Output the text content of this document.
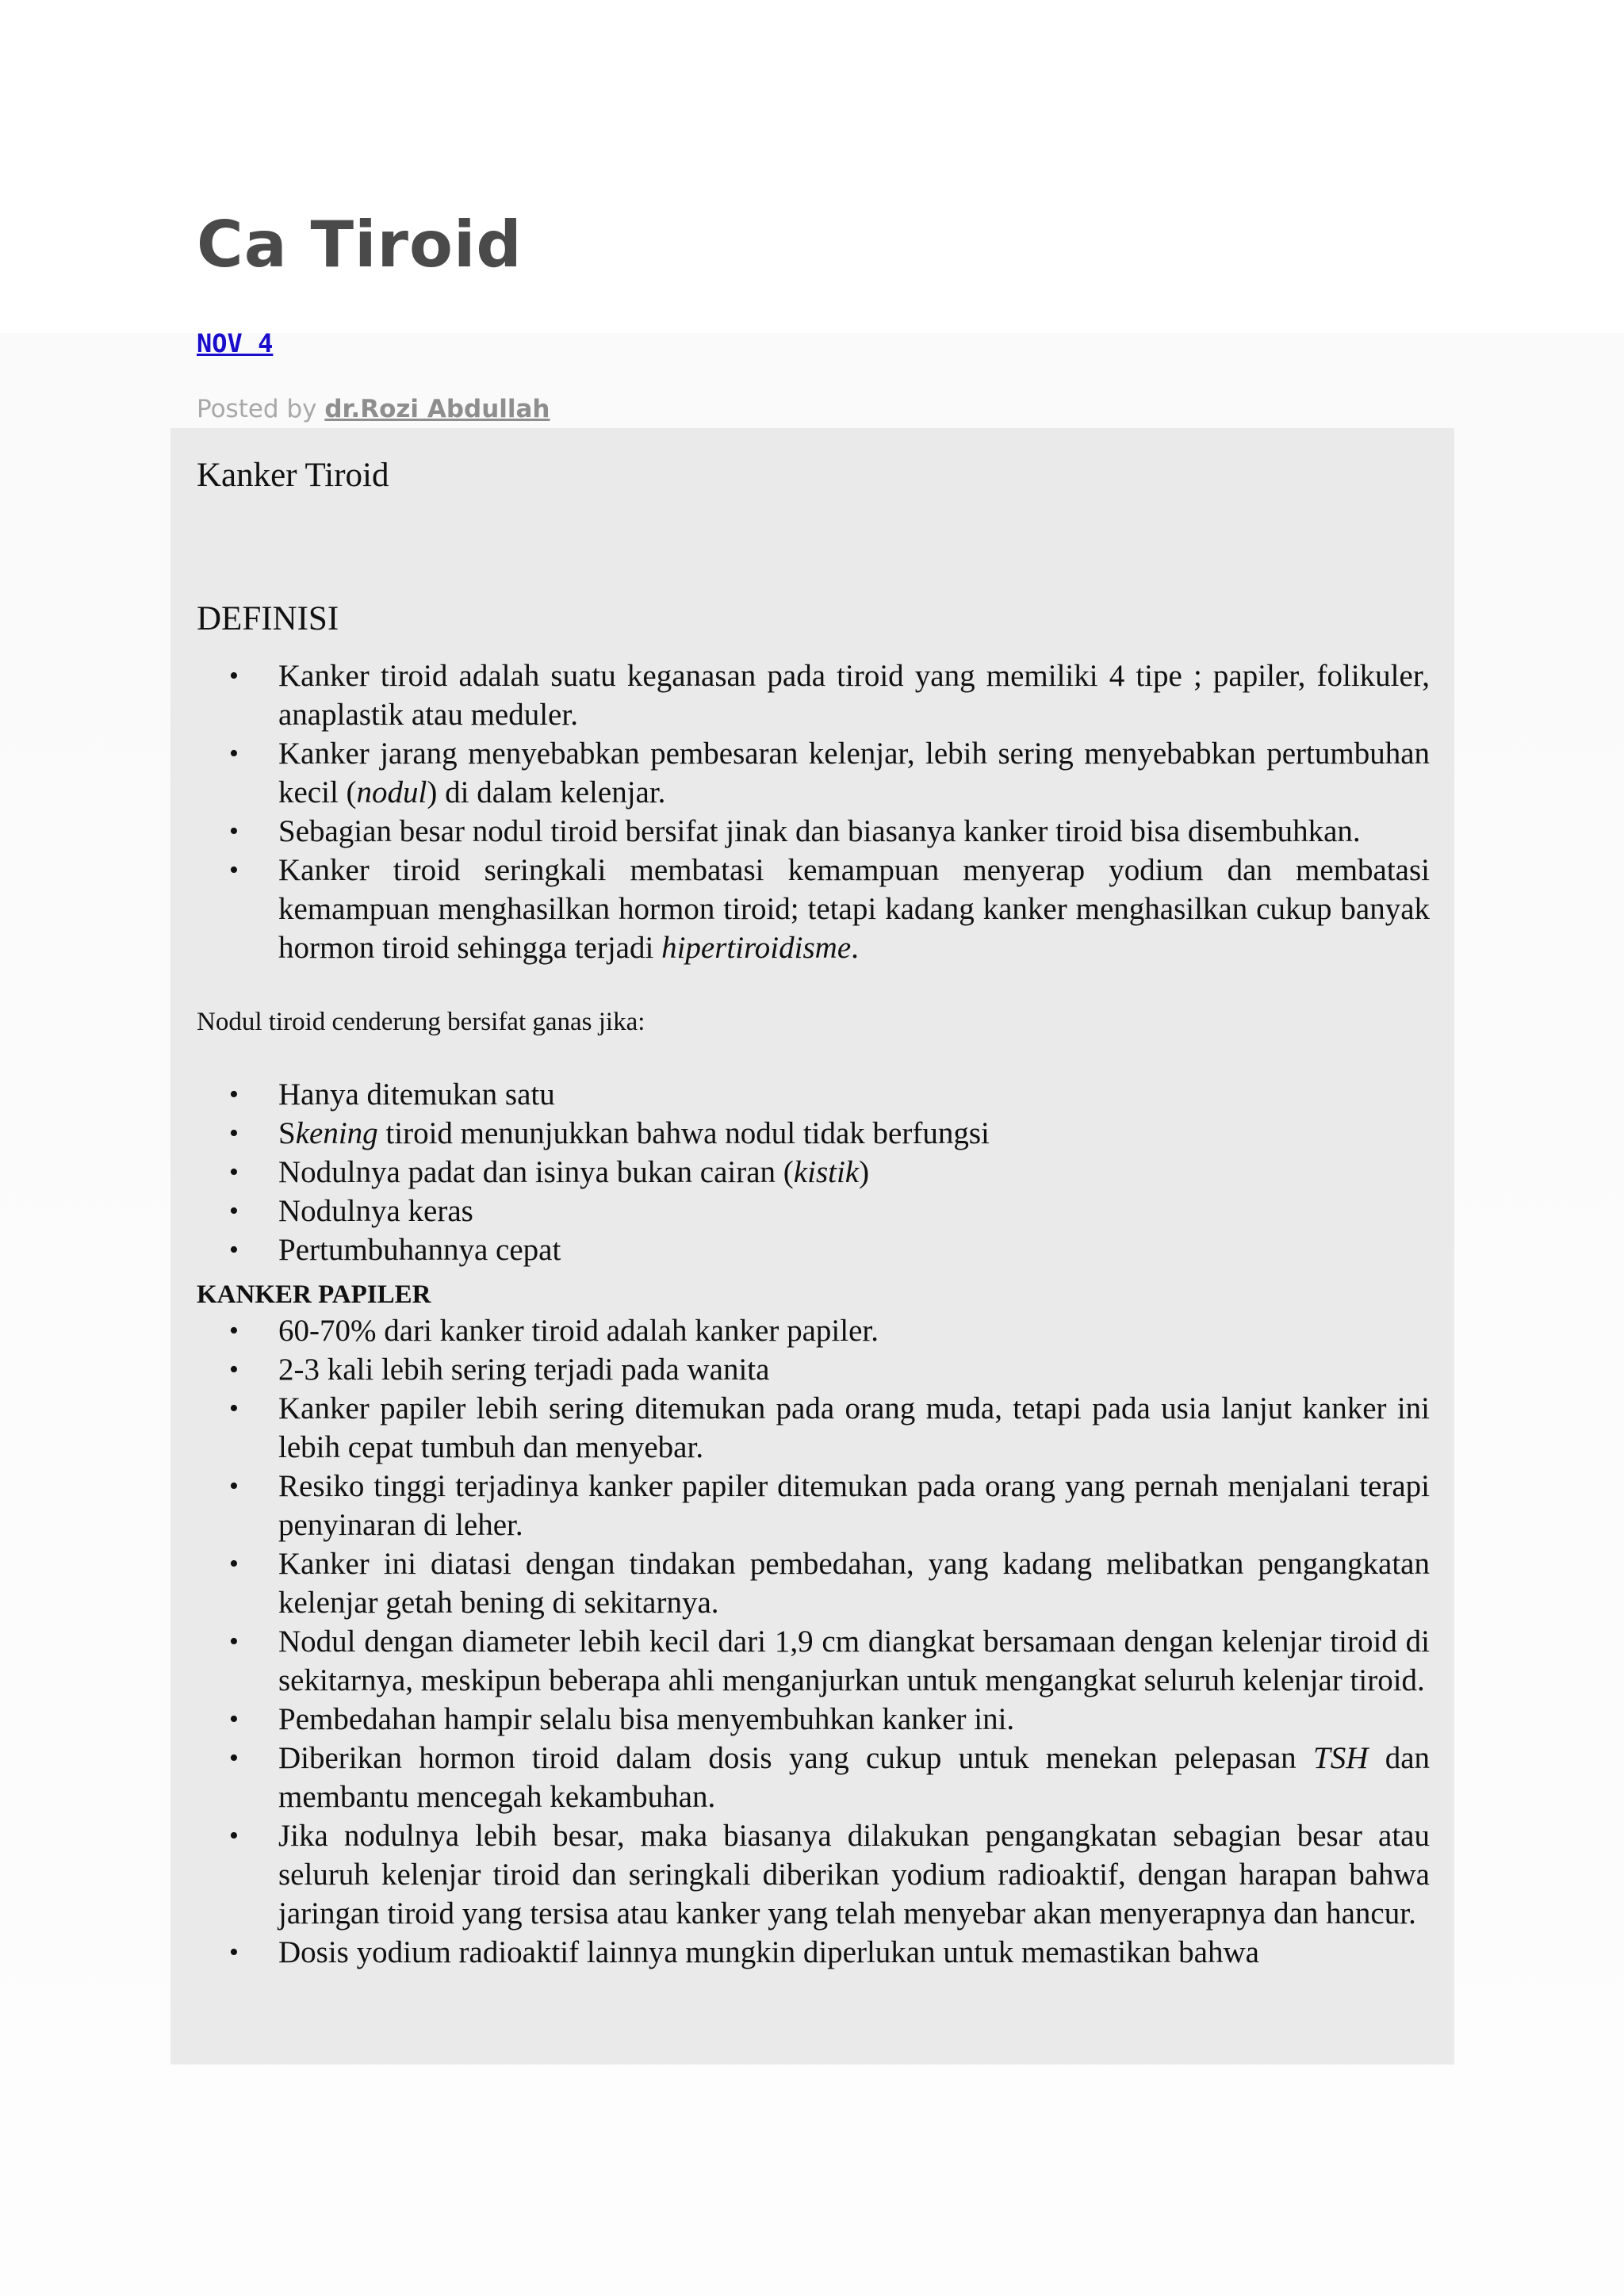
Ca Tiroid
NOV 4
Posted by dr.Rozi Abdullah
Kanker Tiroid
DEFINISI
• Kanker tiroid adalah suatu keganasan pada tiroid yang memiliki 4 tipe ; papiler, folikuler, anaplastik atau meduler.
• Kanker jarang menyebabkan pembesaran kelenjar, lebih sering menyebabkan pertumbuhan kecil (nodul) di dalam kelenjar.
• Sebagian besar nodul tiroid bersifat jinak dan biasanya kanker tiroid bisa disembuhkan.
• Kanker tiroid seringkali membatasi kemampuan menyerap yodium dan membatasi kemampuan menghasilkan hormon tiroid; tetapi kadang kanker menghasilkan cukup banyak hormon tiroid sehingga terjadi hipertiroidisme.

Nodul tiroid cenderung bersifat ganas jika:

• Hanya ditemukan satu
• Skening tiroid menunjukkan bahwa nodul tidak berfungsi
• Nodulnya padat dan isinya bukan cairan (kistik)
• Nodulnya keras
• Pertumbuhannya cepat
KANKER PAPILER
• 60-70% dari kanker tiroid adalah kanker papiler.
• 2-3 kali lebih sering terjadi pada wanita
• Kanker papiler lebih sering ditemukan pada orang muda, tetapi pada usia lanjut kanker ini lebih cepat tumbuh dan menyebar.
• Resiko tinggi terjadinya kanker papiler ditemukan pada orang yang pernah menjalani terapi penyinaran di leher.
• Kanker ini diatasi dengan tindakan pembedahan, yang kadang melibatkan pengangkatan kelenjar getah bening di sekitarnya.
• Nodul dengan diameter lebih kecil dari 1,9 cm diangkat bersamaan dengan kelenjar tiroid di sekitarnya, meskipun beberapa ahli menganjurkan untuk mengangkat seluruh kelenjar tiroid.
• Pembedahan hampir selalu bisa menyembuhkan kanker ini.
• Diberikan hormon tiroid dalam dosis yang cukup untuk menekan pelepasan TSH dan membantu mencegah kekambuhan.
• Jika nodulnya lebih besar, maka biasanya dilakukan pengangkatan sebagian besar atau seluruh kelenjar tiroid dan seringkali diberikan yodium radioaktif, dengan harapan bahwa jaringan tiroid yang tersisa atau kanker yang telah menyebar akan menyerapnya dan hancur.
• Dosis yodium radioaktif lainnya mungkin diperlukan untuk memastikan bahwa
